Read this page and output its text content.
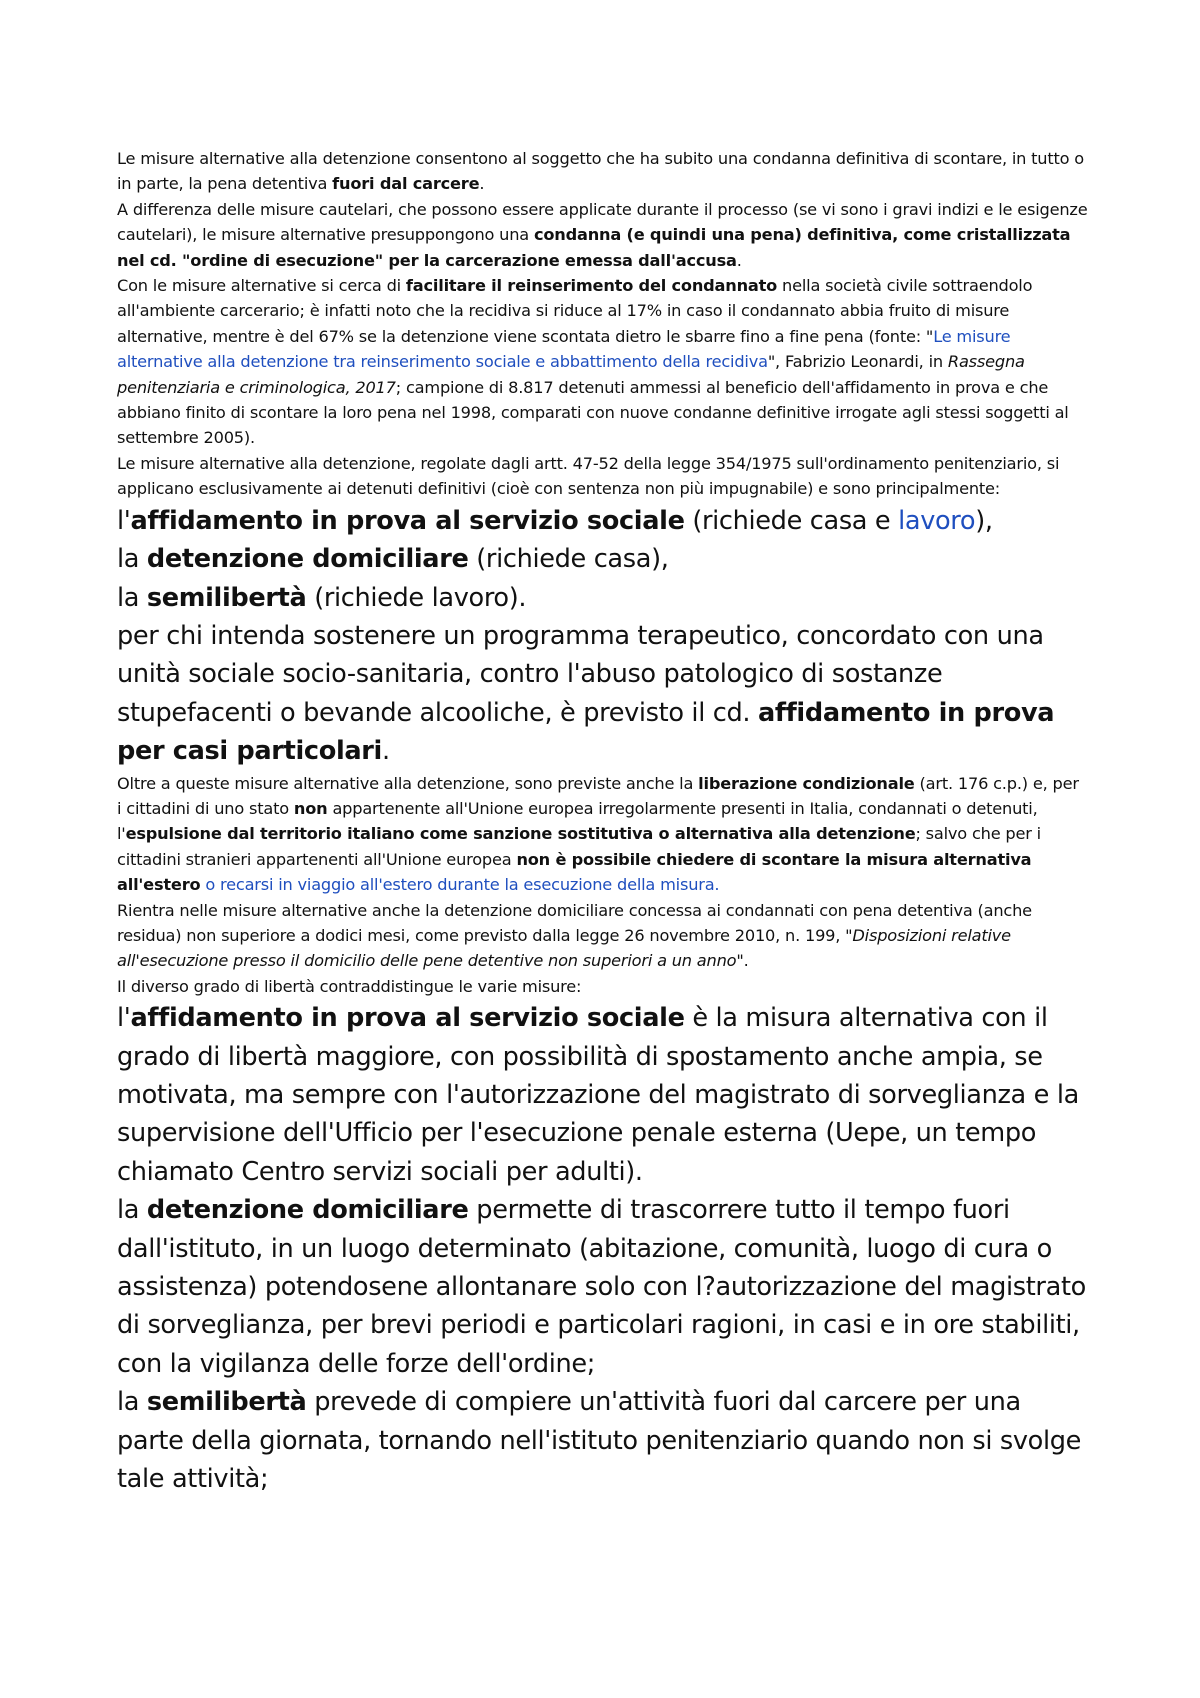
Le misure alternative alla detenzione consentono al soggetto che ha subito una condanna definitiva di scontare, in tutto o in parte, la pena detentiva fuori dal carcere.

A differenza delle misure cautelari, che possono essere applicate durante il processo (se vi sono i gravi indizi e le esigenze cautelari), le misure alternative presuppongono una condanna (e quindi una pena) definitiva, come cristallizzata nel cd. "ordine di esecuzione" per la carcerazione emessa dall'accusa.

Con le misure alternative si cerca di facilitare il reinserimento del condannato nella società civile sottraendolo all'ambiente carcerario; è infatti noto che la recidiva si riduce al 17% in caso il condannato abbia fruito di misure alternative, mentre è del 67% se la detenzione viene scontata dietro le sbarre fino a fine pena (fonte: "Le misure alternative alla detenzione tra reinserimento sociale e abbattimento della recidiva", Fabrizio Leonardi, in Rassegna penitenziaria e criminologica, 2017; campione di 8.817 detenuti ammessi al beneficio dell'affidamento in prova e che abbiano finito di scontare la loro pena nel 1998, comparati con nuove condanne definitive irrogate agli stessi soggetti al settembre 2005).

Le misure alternative alla detenzione, regolate dagli artt. 47-52 della legge 354/1975 sull'ordinamento penitenziario, si applicano esclusivamente ai detenuti definitivi (cioè con sentenza non più impugnabile) e sono principalmente:

l'affidamento in prova al servizio sociale (richiede casa e lavoro),

la detenzione domiciliare (richiede casa),

la semilibertà (richiede lavoro).

per chi intenda sostenere un programma terapeutico, concordato con una unità sociale socio-sanitaria, contro l'abuso patologico di sostanze stupefacenti o bevande alcooliche, è previsto il cd. affidamento in prova per casi particolari.

Oltre a queste misure alternative alla detenzione, sono previste anche la liberazione condizionale (art. 176 c.p.) e, per i cittadini di uno stato non appartenente all'Unione europea irregolarmente presenti in Italia, condannati o detenuti, l'espulsione dal territorio italiano come sanzione sostitutiva o alternativa alla detenzione; salvo che per i cittadini stranieri appartenenti all'Unione europea non è possibile chiedere di scontare la misura alternativa all'estero o recarsi in viaggio all'estero durante la esecuzione della misura.

Rientra nelle misure alternative anche la detenzione domiciliare concessa ai condannati con pena detentiva (anche residua) non superiore a dodici mesi, come previsto dalla legge 26 novembre 2010, n. 199, "Disposizioni relative all'esecuzione presso il domicilio delle pene detentive non superiori a un anno".

Il diverso grado di libertà contraddistingue le varie misure:

l'affidamento in prova al servizio sociale è la misura alternativa con il grado di libertà maggiore, con possibilità di spostamento anche ampia, se motivata, ma sempre con l'autorizzazione del magistrato di sorveglianza e la supervisione dell'Ufficio per l'esecuzione penale esterna (Uepe, un tempo chiamato Centro servizi sociali per adulti).

la detenzione domiciliare permette di trascorrere tutto il tempo fuori dall'istituto, in un luogo determinato (abitazione, comunità, luogo di cura o assistenza) potendosene allontanare solo con l?autorizzazione del magistrato di sorveglianza, per brevi periodi e particolari ragioni, in casi e in ore stabiliti, con la vigilanza delle forze dell'ordine;

la semilibertà prevede di compiere un'attività fuori dal carcere per una parte della giornata, tornando nell'istituto penitenziario quando non si svolge tale attività;
